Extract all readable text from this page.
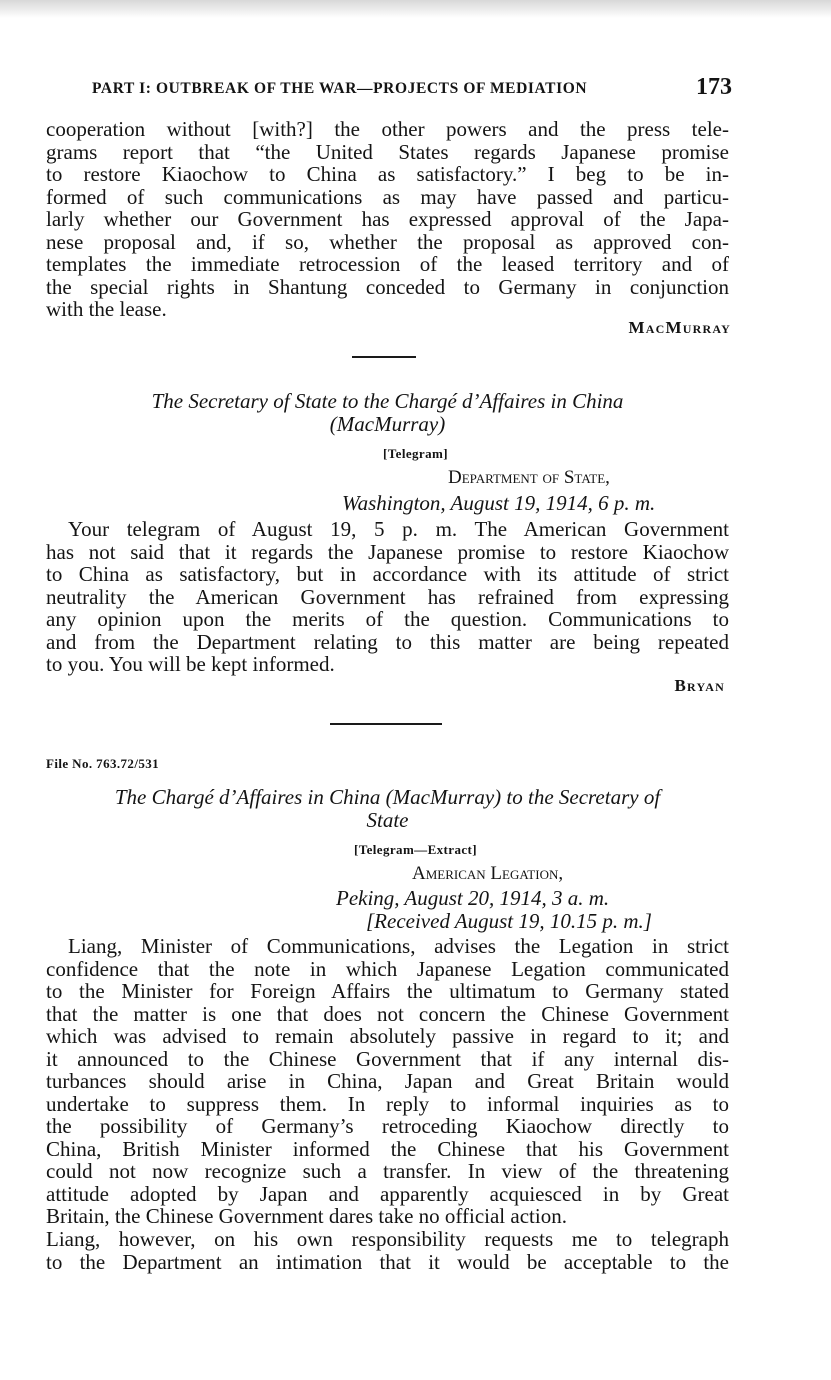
PART I: OUTBREAK OF THE WAR—PROJECTS OF MEDIATION	173
cooperation without [with?] the other powers and the press tele-
grams report that “the United States regards Japanese promise
to restore Kiaochow to China as satisfactory.” I beg to be in-
formed of such communications as may have passed and particu-
larly whether our Government has expressed approval of the Japa-
nese proposal and, if so, whether the proposal as approved con-
templates the immediate retrocession of the leased territory and of
the special rights in Shantung conceded to Germany in conjunction
with the lease.
MacMurray
The Secretary of State to the Chargé d’Affaires in China
(MacMurray)
[Telegram]
Department of State,
Washington, August 19, 1914, 6 p. m.
Your telegram of August 19, 5 p. m. The American Government
has not said that it regards the Japanese promise to restore Kiaochow
to China as satisfactory, but in accordance with its attitude of strict
neutrality the American Government has refrained from expressing
any opinion upon the merits of the question. Communications to
and from the Department relating to this matter are being repeated
to you. You will be kept informed.
Bryan
File No. 763.72/531
The Chargé d’Affaires in China (MacMurray) to the Secretary of
State
[Telegram—Extract]
American Legation,
Peking, August 20, 1914, 3 a. m.
[Received August 19, 10.15 p. m.]
Liang, Minister of Communications, advises the Legation in strict
confidence that the note in which Japanese Legation communicated
to the Minister for Foreign Affairs the ultimatum to Germany stated
that the matter is one that does not concern the Chinese Government
which was advised to remain absolutely passive in regard to it; and
it announced to the Chinese Government that if any internal dis-
turbances should arise in China, Japan and Great Britain would
undertake to suppress them. In reply to informal inquiries as to
the possibility of Germany’s retroceding Kiaochow directly to
China, British Minister informed the Chinese that his Government
could not now recognize such a transfer. In view of the threatening
attitude adopted by Japan and apparently acquiesced in by Great
Britain, the Chinese Government dares take no official action.
Liang, however, on his own responsibility requests me to telegraph
to the Department an intimation that it would be acceptable to the
